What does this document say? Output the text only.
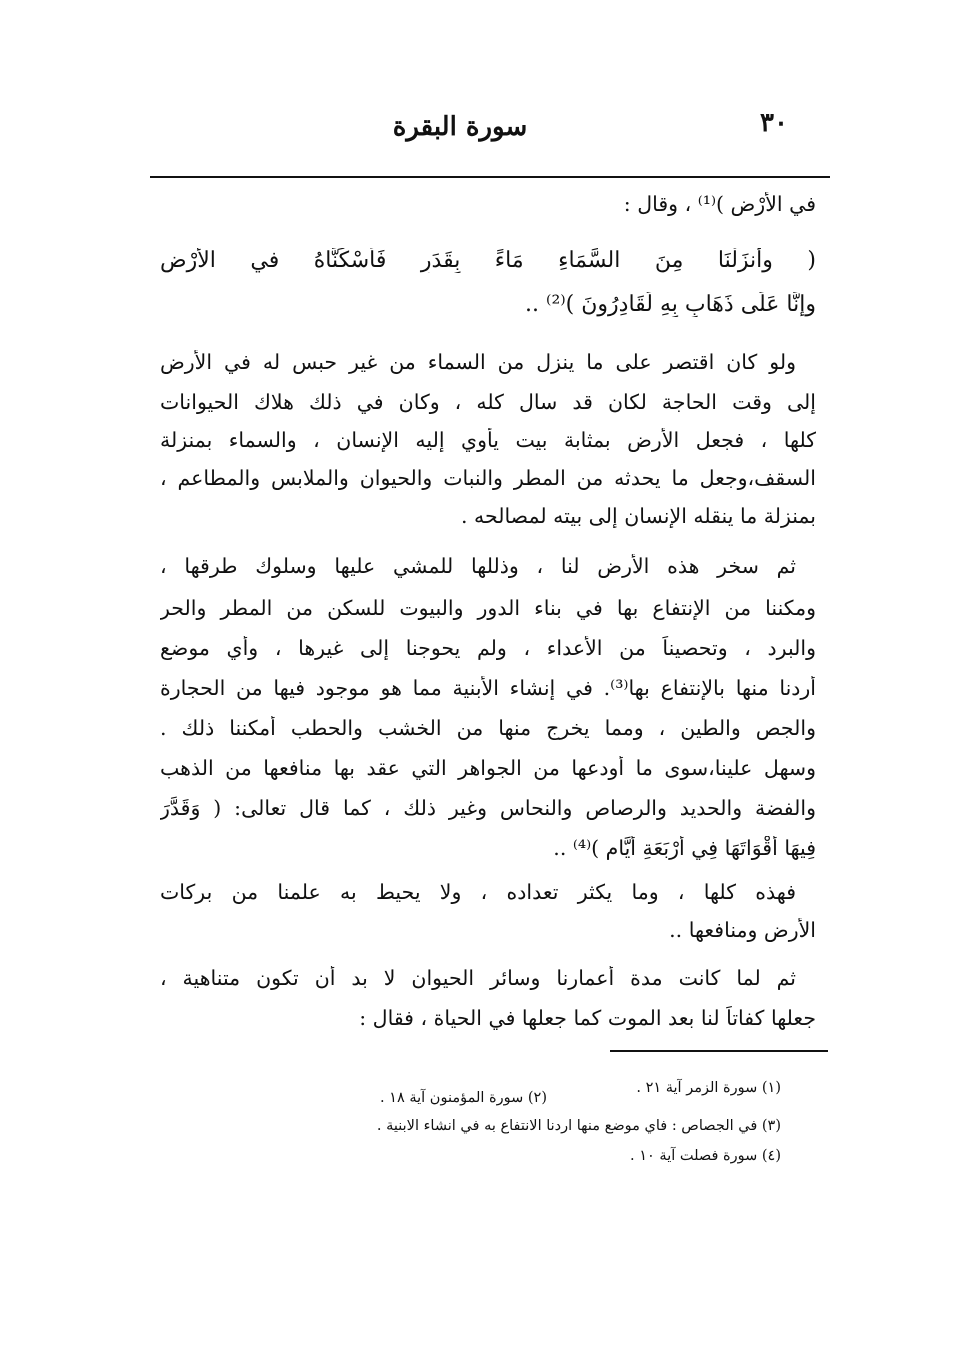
٣٠
سورة البقرة
في الأَرْضِ )⁽¹⁾ ، وقال :
( وأَنزَلْنَا مِنَ السَّمَاءِ مَاءً بِقَدَرٍ فَأَسْكَنَّاهُ في الأَرْضِ
وإِنَّا عَلَى ذَهَابٍ بِهِ لَقَادِرُونَ )⁽²⁾ ..
ولو كان اقتصر على ما ينزل من السماء من غير حبس له في الأرض
إلى وقت الحاجة لكان قد سال كله ، وكان في ذلك هلاك الحيوانات
كلها ، فجعل الأرض بمثابة بيت يأوي إليه الإنسان ، والسماء بمنزلة
السقف،وجعل ما يحدثه من المطر والنبات والحيوان والملابس والمطاعم ،
بمنزلة ما ينقله الإنسان إلى بيته لمصالحه .
ثم سخر هذه الأرض لنا ، وذللها للمشي عليها وسلوك طرقها ،
ومكننا من الإنتفاع بها في بناء الدور والبيوت للسكن من المطر والحر
والبرد ، وتحصيناً من الأعداء ، ولم يحوجنا إلى غيرها ، وأي موضع
أردنا منها بالإنتفاع بها⁽³⁾. في إنشاء الأبنية مما هو موجود فيها من الحجارة
والجص والطين ، ومما يخرج منها من الخشب والحطب أمكننا ذلك .
وسهل علينا،سوى ما أودعها من الجواهر التي عقد بها منافعها من الذهب
والفضة والحديد والرصاص والنحاس وغير ذلك ، كما قال تعالى: ( وَقَدَّرَ
فِيهَا أَقْوَاتَهَا فِي أَرْبَعَةِ أَيَّامٍ )⁽⁴⁾ ..
فهذه كلها ، وما يكثر تعداده ، ولا يحيط به علمنا من بركات
الأرض ومنافعها ..
ثم لما كانت مدة أعمارنا وسائر الحيوان لا بد أن تكون متناهية ،
جعلها كفاتاً لنا بعد الموت كما جعلها في الحياة ، فقال :
(١) سورة الزمر آية ٢١ .
(٢) سورة المؤمنون آية ١٨ .
(٣) في الجصاص : فاي موضع منها اردنا الانتفاع به في انشاء الابنية .
(٤) سورة فصلت آية ١٠ .
